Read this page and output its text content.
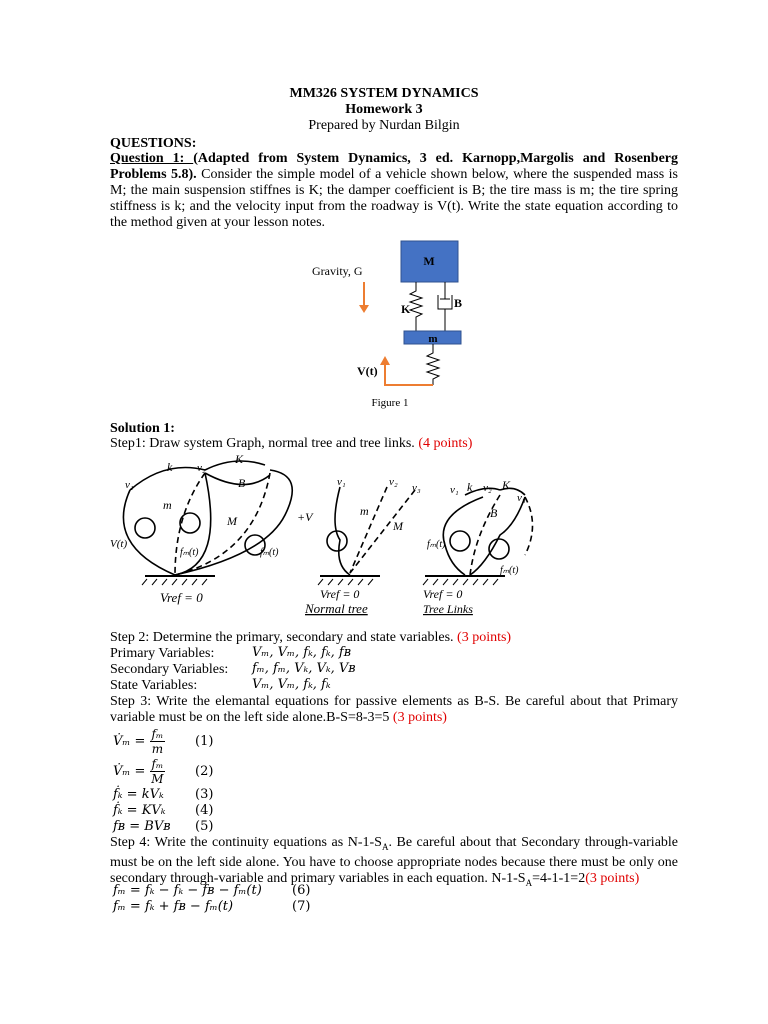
MM326 SYSTEM DYNAMICS
Homework 3
Prepared by Nurdan Bilgin
QUESTIONS:
Question 1: (Adapted from System Dynamics, 3 ed. Karnopp,Margolis and Rosenberg Problems 5.8). Consider the simple model of a vehicle shown below, where the suspended mass is M; the main suspension stiffnes is K; the damper coefficient is B; the tire mass is m; the tire spring stiffness is k; and the velocity input from the roadway is V(t). Write the state equation according to the method given at your lesson notes.
Gravity, G
M
K	B
m
V(t)
Figure 1
Solution 1:
Step1: Draw system Graph, normal tree and tree links. (4 points)
v₁
k v₂
K
B
m
M
V(t)
fₘ(t)	fₘ(t)
Vref = 0
v₁	v₂ v₃
+V	m
M
Vref = 0
Normal tree
v₁ k v₂ K
v₃
B
fₘ(t)
fₘ(t)
Vref = 0
Tree Links
Step 2: Determine the primary, secondary and state variables. (3 points)
Primary Variables:	Vₘ, Vₘ, fₖ, fₖ, fʙ
Secondary Variables: fₘ, fₘ, Vₖ, Vₖ, Vʙ
State Variables:	Vₘ, Vₘ, fₖ, fₖ
Step 3: Write the elemantal equations for passive elements as B-S. Be careful about that Primary variable must be on the left side alone.B-S=8-3=5 (3 points)
V̇ₘ = $\frac{\text{fₘ}}{m} (1)$
V̇ₘ = $\frac{\text{fₘ}}{M} (2)$
ḟₖ = kVₖ (3)
ḟₖ = KVₖ (4)
fʙ = BVʙ (5)
Step 4: Write the continuity equations as $N-1-S_A$. Be careful about that Secondary through-variable must be on the left side alone. You have to choose appropriate nodes because there must be only one secondary through-variable and primary variables in each equation. $N-1-S_A=4-1-1=2(3$ points)
fₘ = fₖ − fₖ − fʙ − fₘ(t) (6)
fₘ = fₖ + fʙ − fₘ(t)	(7)
